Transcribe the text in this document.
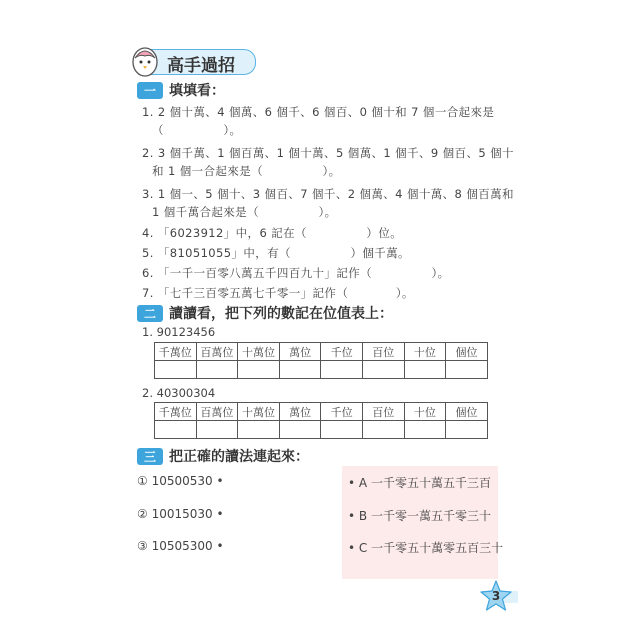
高手過招
一 填填看：
1. 2 個十萬、4 個萬、6 個千、6 個百、0 個十和 7 個一合起來是
（　　　　　）。
2. 3 個千萬、1 個百萬、1 個十萬、5 個萬、1 個千、9 個百、5 個十
和 1 個一合起來是（　　　　　）。
3. 1 個一、5 個十、3 個百、7 個千、2 個萬、4 個十萬、8 個百萬和
1 個千萬合起來是（　　　　　）。
4. 「6023912」中，6 記在（　　　　　）位。
5. 「81051055」中，有（　　　　　）個千萬。
6. 「一千一百零八萬五千四百九十」記作（　　　　　）。
7. 「七千三百零五萬七千零一」記作（　　　　）。
二 讀讀看，把下列的數記在位值表上：
1. 90123456
千萬位	百萬位	十萬位	萬位	千位	百位	十位	個位

2. 40300304
千萬位	百萬位	十萬位	萬位	千位	百位	十位	個位

三 把正確的讀法連起來：
① 10500530 •
② 10015030 •
③ 10505300 •
• A 一千零五十萬五千三百
• B 一千零一萬五千零三十
• C 一千零五十萬零五百三十
3
